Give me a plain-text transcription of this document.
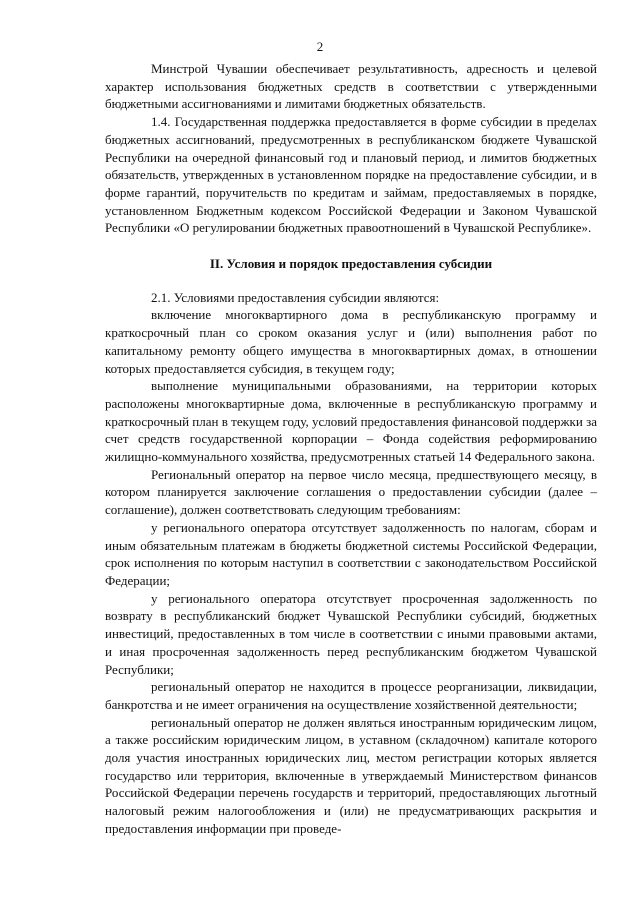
2

Минстрой Чувашии обеспечивает результативность, адресность и целевой характер использования бюджетных средств в соответствии с утвержденными бюджетными ассигнованиями и лимитами бюджетных обязательств.

1.4. Государственная поддержка предоставляется в форме субсидии в пределах бюджетных ассигнований, предусмотренных в республиканском бюджете Чувашской Республики на очередной финансовый год и плановый период, и лимитов бюджетных обязательств, утвержденных в установленном порядке на предоставление субсидии, и в форме гарантий, поручительств по кредитам и займам, предоставляемых в порядке, установленном Бюджетным кодексом Российской Федерации и Законом Чувашской Республики «О регулировании бюджетных правоотношений в Чувашской Республике».

II. Условия и порядок предоставления субсидии

2.1. Условиями предоставления субсидии являются:

включение многоквартирного дома в республиканскую программу и краткосрочный план со сроком оказания услуг и (или) выполнения работ по капитальному ремонту общего имущества в многоквартирных домах, в отношении которых предоставляется субсидия, в текущем году;

выполнение муниципальными образованиями, на территории которых расположены многоквартирные дома, включенные в республиканскую программу и краткосрочный план в текущем году, условий предоставления финансовой поддержки за счет средств государственной корпорации – Фонда содействия реформированию жилищно-коммунального хозяйства, предусмотренных статьей 14 Федерального закона.

Региональный оператор на первое число месяца, предшествующего месяцу, в котором планируется заключение соглашения о предоставлении субсидии (далее – соглашение), должен соответствовать следующим требованиям:

у регионального оператора отсутствует задолженность по налогам, сборам и иным обязательным платежам в бюджеты бюджетной системы Российской Федерации, срок исполнения по которым наступил в соответствии с законодательством Российской Федерации;

у регионального оператора отсутствует просроченная задолженность по возврату в республиканский бюджет Чувашской Республики субсидий, бюджетных инвестиций, предоставленных в том числе в соответствии с иными правовыми актами, и иная просроченная задолженность перед республиканским бюджетом Чувашской Республики;

региональный оператор не находится в процессе реорганизации, ликвидации, банкротства и не имеет ограничения на осуществление хозяйственной деятельности;

региональный оператор не должен являться иностранным юридическим лицом, а также российским юридическим лицом, в уставном (складочном) капитале которого доля участия иностранных юридических лиц, местом регистрации которых является государство или территория, включенные в утверждаемый Министерством финансов Российской Федерации перечень государств и территорий, предоставляющих льготный налоговый режим налогообложения и (или) не предусматривающих раскрытия и предоставления информации при проведе-
